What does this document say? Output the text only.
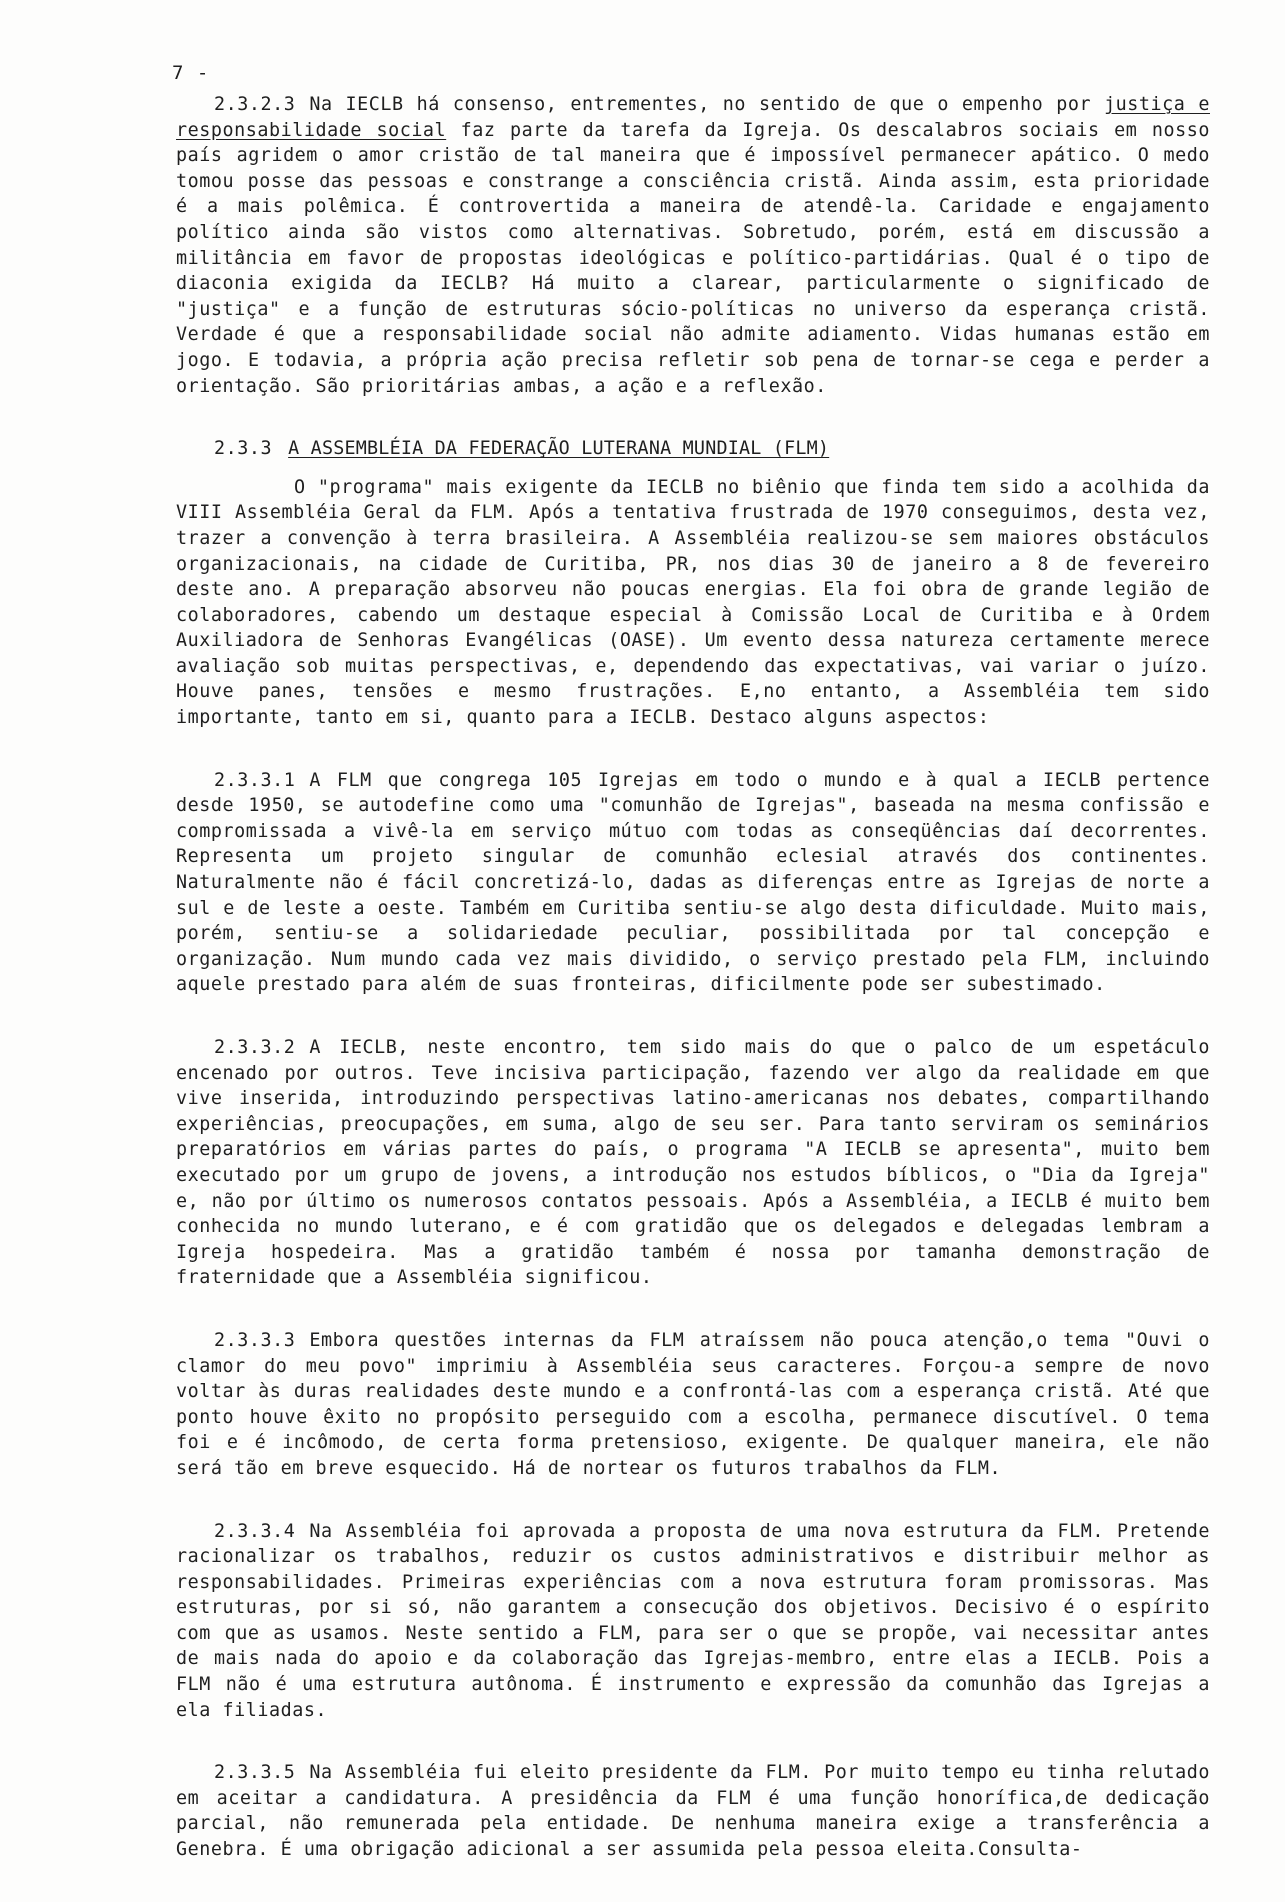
7 -

2.3.2.3 Na IECLB há consenso, entrementes, no sentido de que o empenho por justiça e responsabilidade social faz parte da tarefa da Igreja. Os descalabros sociais em nosso país agridem o amor cristão de tal maneira que é impossível permanecer apático. O medo tomou posse das pessoas e constrange a consciência cristã. Ainda assim, esta prioridade é a mais polêmica. É controvertida a maneira de atendê-la. Caridade e engajamento político ainda são vistos como alternativas. Sobretudo, porém, está em discussão a militância em favor de propostas ideológicas e político-partidárias. Qual é o tipo de diaconia exigida da IECLB? Há muito a clarear, particularmente o significado de "justiça" e a função de estruturas sócio-políticas no universo da esperança cristã. Verdade é que a responsabilidade social não admite adiamento. Vidas humanas estão em jogo. E todavia, a própria ação precisa refletir sob pena de tornar-se cega e perder a orientação. São prioritárias ambas, a ação e a reflexão.

2.3.3 A ASSEMBLÉIA DA FEDERAÇÃO LUTERANA MUNDIAL (FLM)

O "programa" mais exigente da IECLB no biênio que finda tem sido a acolhida da VIII Assembléia Geral da FLM. Após a tentativa frustrada de 1970 conseguimos, desta vez, trazer a convenção à terra brasileira. A Assembléia realizou-se sem maiores obstáculos organizacionais, na cidade de Curitiba, PR, nos dias 30 de janeiro a 8 de fevereiro deste ano. A preparação absorveu não poucas energias. Ela foi obra de grande legião de colaboradores, cabendo um destaque especial à Comissão Local de Curitiba e à Ordem Auxiliadora de Senhoras Evangélicas (OASE). Um evento dessa natureza certamente merece avaliação sob muitas perspectivas, e, dependendo das expectativas, vai variar o juízo. Houve panes, tensões e mesmo frustrações. E,no entanto, a Assembléia tem sido importante, tanto em si, quanto para a IECLB. Destaco alguns aspectos:

2.3.3.1 A FLM que congrega 105 Igrejas em todo o mundo e à qual a IECLB pertence desde 1950, se autodefine como uma "comunhão de Igrejas", baseada na mesma confissão e compromissada a vivê-la em serviço mútuo com todas as conseqüências daí decorrentes. Representa um projeto singular de comunhão eclesial através dos continentes. Naturalmente não é fácil concretizá-lo, dadas as diferenças entre as Igrejas de norte a sul e de leste a oeste. Também em Curitiba sentiu-se algo desta dificuldade. Muito mais, porém, sentiu-se a solidariedade peculiar, possibilitada por tal concepção e organização. Num mundo cada vez mais dividido, o serviço prestado pela FLM, incluindo aquele prestado para além de suas fronteiras, dificilmente pode ser subestimado.

2.3.3.2 A IECLB, neste encontro, tem sido mais do que o palco de um espetáculo encenado por outros. Teve incisiva participação, fazendo ver algo da realidade em que vive inserida, introduzindo perspectivas latino-americanas nos debates, compartilhando experiências, preocupações, em suma, algo de seu ser. Para tanto serviram os seminários preparatórios em várias partes do país, o programa "A IECLB se apresenta", muito bem executado por um grupo de jovens, a introdução nos estudos bíblicos, o "Dia da Igreja" e, não por último os numerosos contatos pessoais. Após a Assembléia, a IECLB é muito bem conhecida no mundo luterano, e é com gratidão que os delegados e delegadas lembram a Igreja hospedeira. Mas a gratidão também é nossa por tamanha demonstração de fraternidade que a Assembléia significou.

2.3.3.3 Embora questões internas da FLM atraíssem não pouca atenção,o tema "Ouvi o clamor do meu povo" imprimiu à Assembléia seus caracteres. Forçou-a sempre de novo voltar às duras realidades deste mundo e a confrontá-las com a esperança cristã. Até que ponto houve êxito no propósito perseguido com a escolha, permanece discutível. O tema foi e é incômodo, de certa forma pretensioso, exigente. De qualquer maneira, ele não será tão em breve esquecido. Há de nortear os futuros trabalhos da FLM.

2.3.3.4 Na Assembléia foi aprovada a proposta de uma nova estrutura da FLM. Pretende racionalizar os trabalhos, reduzir os custos administrativos e distribuir melhor as responsabilidades. Primeiras experiências com a nova estrutura foram promissoras. Mas estruturas, por si só, não garantem a consecução dos objetivos. Decisivo é o espírito com que as usamos. Neste sentido a FLM, para ser o que se propõe, vai necessitar antes de mais nada do apoio e da colaboração das Igrejas-membro, entre elas a IECLB. Pois a FLM não é uma estrutura autônoma. É instrumento e expressão da comunhão das Igrejas a ela filiadas.

2.3.3.5 Na Assembléia fui eleito presidente da FLM. Por muito tempo eu tinha relutado em aceitar a candidatura. A presidência da FLM é uma função honorífica,de dedicação parcial, não remunerada pela entidade. De nenhuma maneira exige a transferência a Genebra. É uma obrigação adicional a ser assumida pela pessoa eleita.Consulta-
